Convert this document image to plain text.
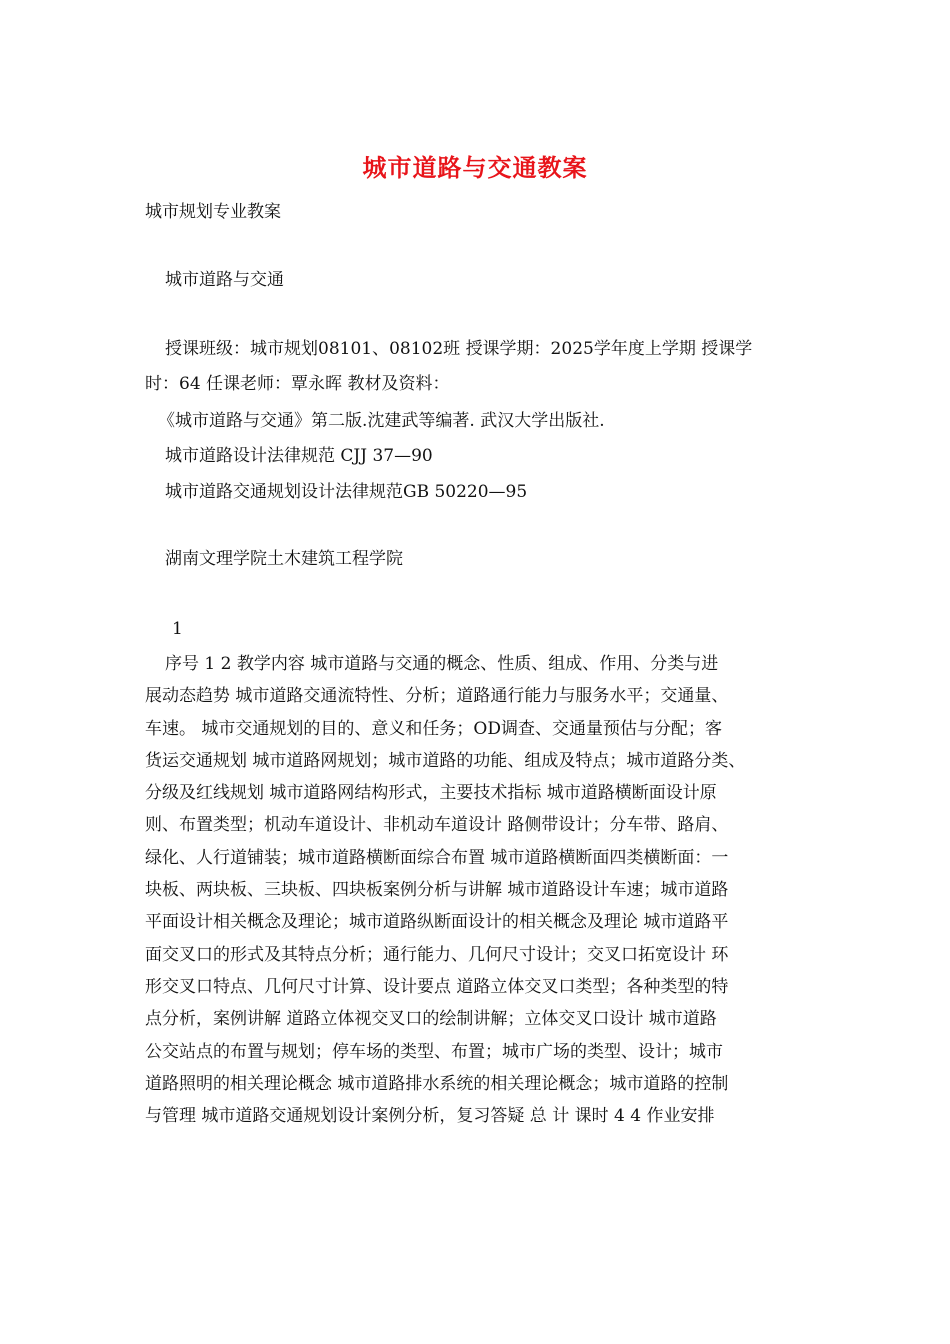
城市道路与交通教案
城市规划专业教案
城市道路与交通
授课班级：城市规划08101、08102班 授课学期：2025学年度上学期 授课学
时：64 任课老师：覃永晖 教材及资料：
《城市道路与交通》第二版.沈建武等编著. 武汉大学出版社.
城市道路设计法律规范 CJJ 37—90
城市道路交通规划设计法律规范GB 50220—95
湖南文理学院土木建筑工程学院
1
序号 1 2 教学内容 城市道路与交通的概念、性质、组成、作用、分类与进
展动态趋势 城市道路交通流特性、分析；道路通行能力与服务水平；交通量、
车速。 城市交通规划的目的、意义和任务；OD调查、交通量预估与分配；客
货运交通规划 城市道路网规划；城市道路的功能、组成及特点；城市道路分类、
分级及红线规划 城市道路网结构形式，主要技术指标 城市道路横断面设计原
则、布置类型；机动车道设计、非机动车道设计 路侧带设计；分车带、路肩、
绿化、人行道铺装；城市道路横断面综合布置 城市道路横断面四类横断面：一
块板、两块板、三块板、四块板案例分析与讲解 城市道路设计车速；城市道路
平面设计相关概念及理论；城市道路纵断面设计的相关概念及理论 城市道路平
面交叉口的形式及其特点分析；通行能力、几何尺寸设计；交叉口拓宽设计 环
形交叉口特点、几何尺寸计算、设计要点 道路立体交叉口类型；各种类型的特
点分析，案例讲解 道路立体视交叉口的绘制讲解；立体交叉口设计 城市道路
公交站点的布置与规划；停车场的类型、布置；城市广场的类型、设计；城市
道路照明的相关理论概念 城市道路排水系统的相关理论概念；城市道路的控制
与管理 城市道路交通规划设计案例分析，复习答疑 总 计 课时 4 4 作业安排
